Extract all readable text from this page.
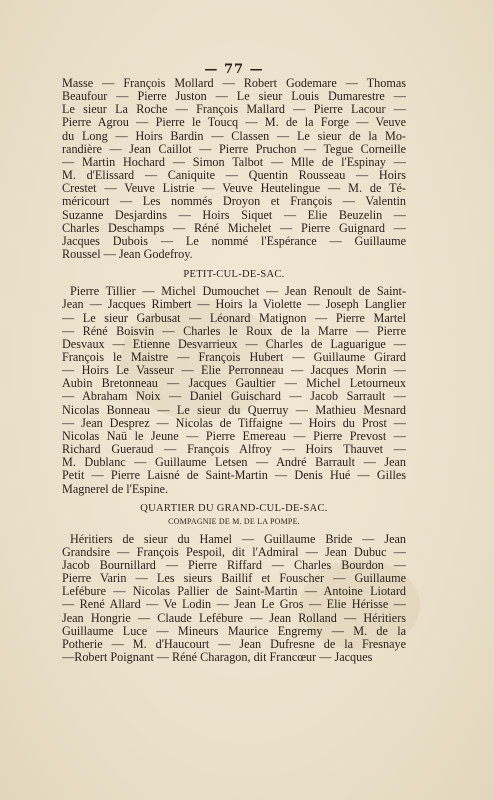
— 77 —
Masse — François Mollard — Robert Godemare — Thomas
Beaufour — Pierre Juston — Le sieur Louis Dumarestre —
Le sieur La Roche — François Mallard — Pierre Lacour —
Pierre Agrou — Pierre le Toucq — M. de la Forge — Veuve
du Long — Hoirs Bardin — Classen — Le sieur de la Mo-
randière — Jean Caillot — Pierre Pruchon — Tegue Corneille
— Martin Hochard — Simon Talbot — Mlle de l'Espinay —
M. d'Elissard — Caniquite — Quentin Rousseau — Hoirs
Crestet — Veuve Listrie — Veuve Heutelingue — M. de Té-
méricourt — Les nommés Droyon et François — Valentin
Suzanne Desjardins — Hoirs Siquet — Elie Beuzelin —
Charles Deschamps — Réné Michelet — Pierre Guignard —
Jacques Dubois — Le nommé l'Espérance — Guillaume
Roussel — Jean Godefroy.
PETIT-CUL-DE-SAC.
Pierre Tillier — Michel Dumouchet — Jean Renoult de Saint-
Jean — Jacques Rimbert — Hoirs la Violette — Joseph Langlier
— Le sieur Garbusat — Léonard Matignon — Pierre Martel
— Réné Boisvin — Charles le Roux de la Marre — Pierre
Desvaux — Etienne Desvarrieux — Charles de Laguarigue —
François le Maistre — François Hubert — Guillaume Girard
— Hoirs Le Vasseur — Elie Perronneau — Jacques Morin —
Aubin Bretonneau — Jacques Gaultier — Michel Letourneux
— Abraham Noix — Daniel Guischard — Jacob Sarrault —
Nicolas Bonneau — Le sieur du Querruy — Mathieu Mesnard
— Jean Desprez — Nicolas de Tiffaigne — Hoirs du Prost —
Nicolas Naü le Jeune — Pierre Emereau — Pierre Prevost —
Richard Gueraud — François Alfroy — Hoirs Thauvet —
M. Dublanc — Guillaume Letsen — André Barrault — Jean
Petit — Pierre Laisné de Saint-Martin — Denis Hué — Gilles
Magnerel de l'Espine.
QUARTIER DU GRAND-CUL-DE-SAC.
COMPAGNIE DE M. DE LA POMPE.
Héritiers de sieur du Hamel — Guillaume Bride — Jean
Grandsire — François Pespoil, dit l'Admiral — Jean Dubuc —
Jacob Bournillard — Pierre Riffard — Charles Bourdon —
Pierre Varin — Les sieurs Baillif et Fouscher — Guillaume
Lefébure — Nicolas Pallier de Saint-Martin — Antoine Liotard
— René Allard — Ve Lodin — Jean Le Gros — Elie Hérisse —
Jean Hongrie — Claude Lefébure — Jean Rolland — Héritiers
Guillaume Luce — Mineurs Maurice Engremy — M. de la
Potherie — M. d'Haucourt — Jean Dufresne de la Fresnaye
—Robert Poignant — Réné Charagon, dit Francœur — Jacques
